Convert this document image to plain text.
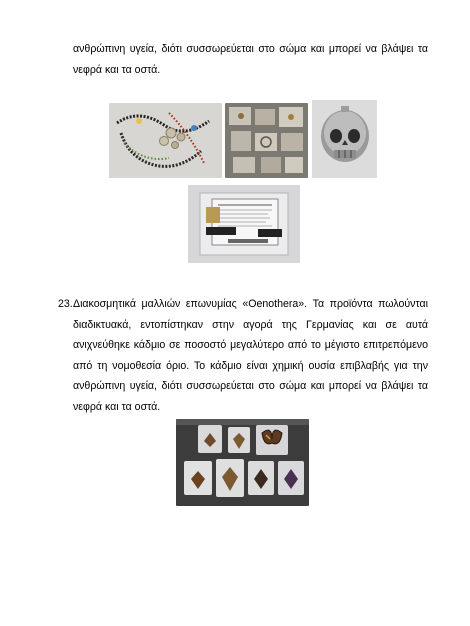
ανθρώπινη υγεία, διότι συσσωρεύεται στο σώμα και μπορεί να βλάψει τα
νεφρά και τα οστά.
23. Διακοσμητικά μαλλιών επωνυμίας «Oenothera». Τα προϊόντα πωλούνται
διαδικτυακά, εντοπίστηκαν στην αγορά της Γερμανίας και σε αυτά
ανιχνεύθηκε κάδμιο σε ποσοστό μεγαλύτερο από το μέγιστο επιτρεπόμενο
από τη νομοθεσία όριο. Το κάδμιο είναι χημική ουσία επιβλαβής για την
ανθρώπινη υγεία, διότι συσσωρεύεται στο σώμα και μπορεί να βλάψει τα
νεφρά και τα οστά.
